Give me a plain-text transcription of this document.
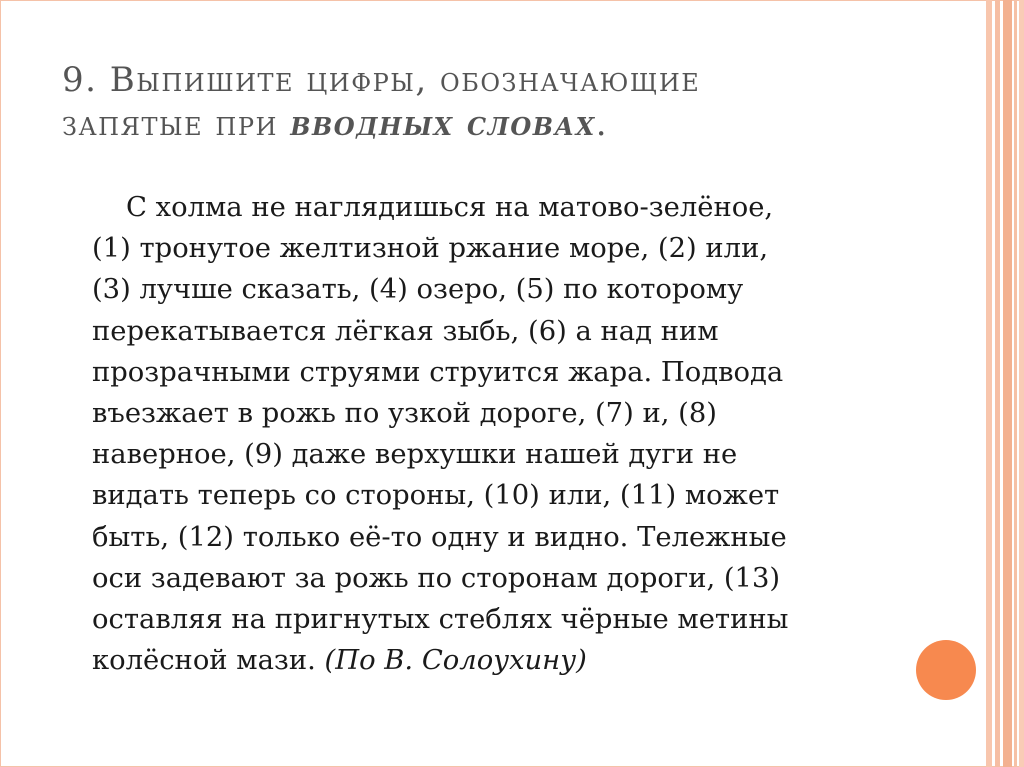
9. Выпишите цифры, обозначающие
запятые при вводных словах.
С холма не наглядишься на матово-зелёное,
(1) тронутое желтизной ржание море, (2) или,
(3) лучше сказать, (4) озеро, (5) по которому
перекатывается лёгкая зыбь, (6) а над ним
прозрачными струями струится жара. Подвода
въезжает в рожь по узкой дороге, (7) и, (8)
наверное, (9) даже верхушки нашей дуги не
видать теперь со стороны, (10) или, (11) может
быть, (12) только её-то одну и видно. Тележные
оси задевают за рожь по сторонам дороги, (13)
оставляя на пригнутых стеблях чёрные метины
колёсной мази. (По В. Солоухину)
